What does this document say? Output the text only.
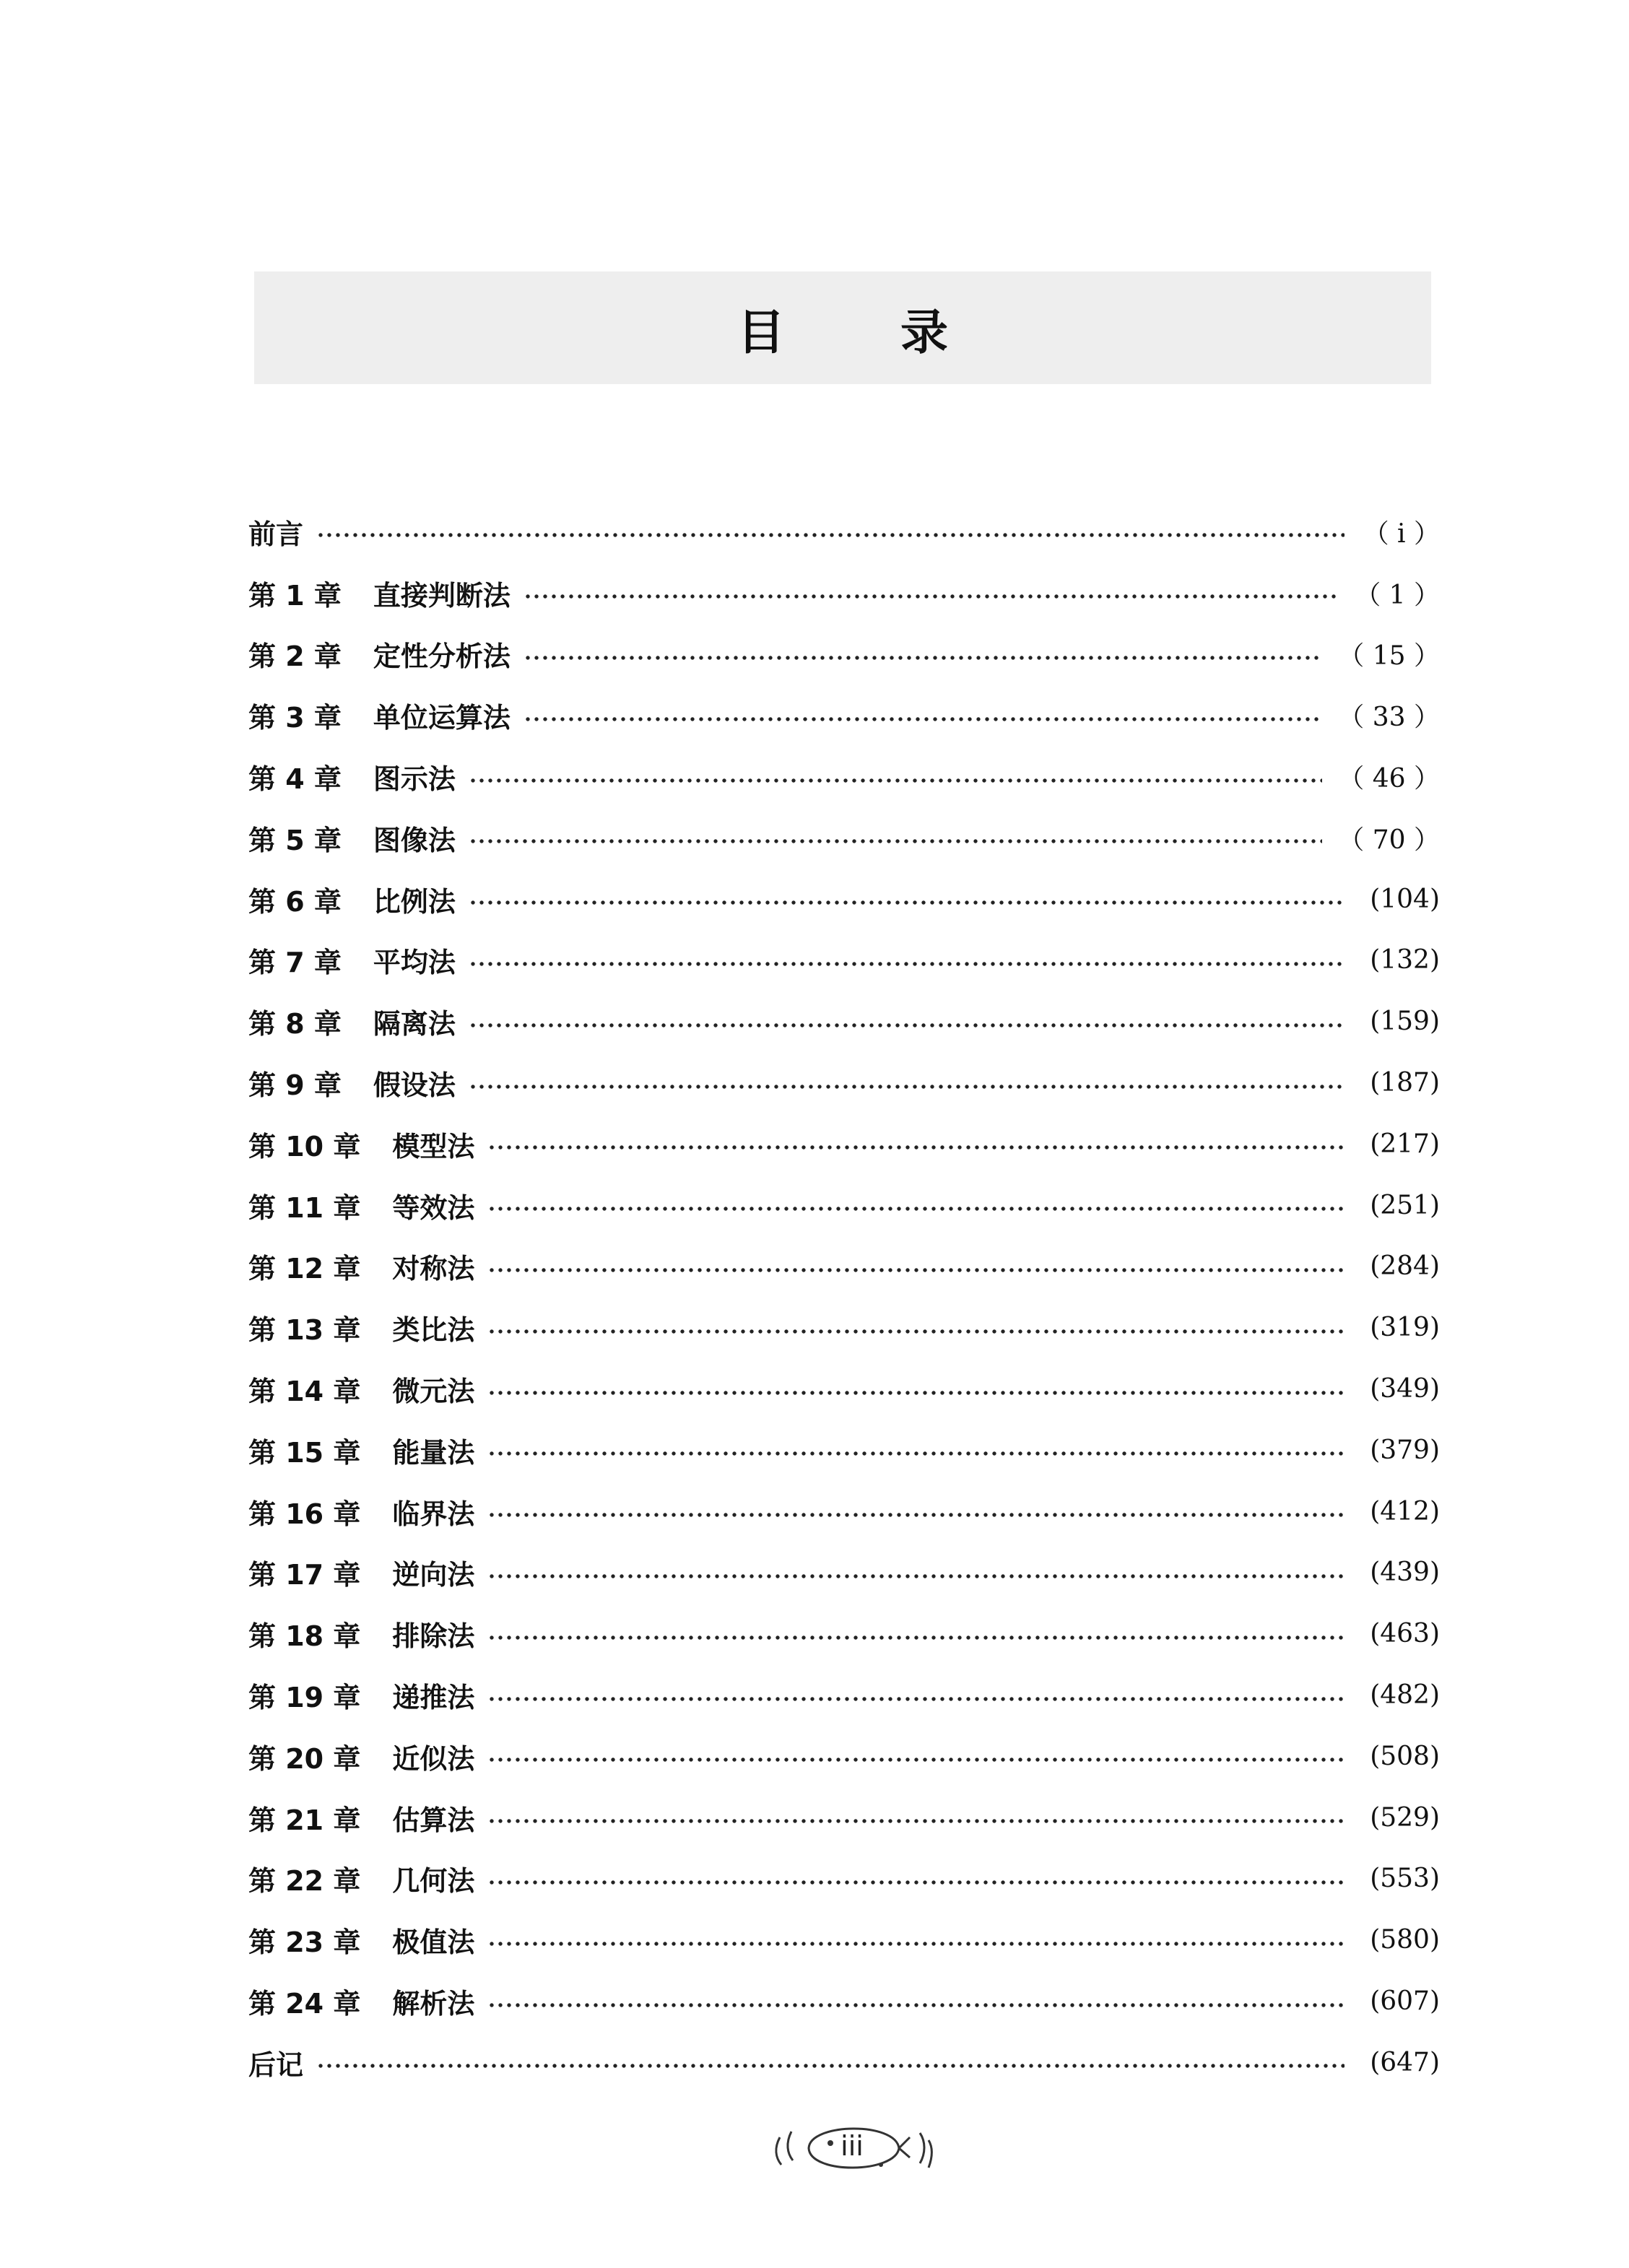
目录
前言	（ i ）
第 1 章 直接判断法	（ 1 ）
第 2 章 定性分析法	（ 15 ）
第 3 章 单位运算法	（ 33 ）
第 4 章 图示法	（ 46 ）
第 5 章 图像法	（ 70 ）
第 6 章 比例法	(104)
第 7 章 平均法	(132)
第 8 章 隔离法	(159)
第 9 章 假设法	(187)
第 10 章 模型法	(217)
第 11 章 等效法	(251)
第 12 章 对称法	(284)
第 13 章 类比法	(319)
第 14 章 微元法	(349)
第 15 章 能量法	(379)
第 16 章 临界法	(412)
第 17 章 逆向法	(439)
第 18 章 排除法	(463)
第 19 章 递推法	(482)
第 20 章 近似法	(508)
第 21 章 估算法	(529)
第 22 章 几何法	(553)
第 23 章 极值法	(580)
第 24 章 解析法	(607)
后记	(647)
iii
